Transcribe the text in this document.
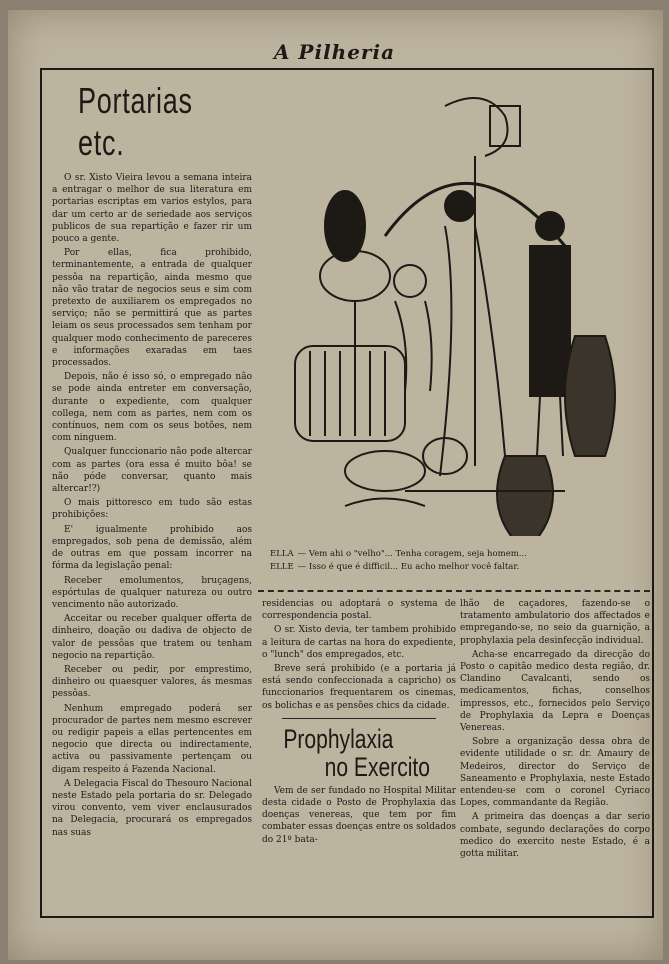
A Pilheria
Portarias etc.

O sr. Xisto Vieira levou a semana inteira a entragar o melhor de sua literatura em portarias escriptas em varios estylos, para dar um certo ar de seriedade aos serviços publicos de sua repartição e fazer rir um pouco a gente.

Por ellas, fica prohibido, terminantemente, a entrada de qualquer pessôa na repartição, ainda mesmo que não vão tratar de negocios seus e sim com pretexto de auxiliarem os empregados no serviço; não se permittirá que as partes leiam os seus processados sem tenham por qualquer modo conhecimento de pareceres e informações exaradas em taes processados.

Depois, não é isso só, o empregado não se pode ainda entreter em conversação, durante o expediente, com qualquer collega, nem com as partes, nem com os contínuos, nem com os seus botões, nem com ninguem.

Qualquer funccionario não pode altercar com as partes (ora essa é muito bôa! se não póde conversar, quanto mais altercar!?)

O mais pittoresco em tudo são estas prohibições:

E' igualmente prohibido aos empregados, sob pena de demissão, além de outras em que possam incorrer na fórma da legislação penal:

Receber emolumentos, bruçagens, espórtulas de qualquer natureza ou outro vencimento não autorizado.

Acceitar ou receber qualquer offerta de dinheiro, doação ou dadiva de objecto de valor de pessôas que tratem ou tenham negocio na repartição.

Receber ou pedir, por emprestimo, dinheiro ou quaesquer valores, ás mesmas pessôas.

Nenhum empregado poderá ser procurador de partes nem mesmo escrever ou redigir papeis a ellas pertencentes em negocio que directa ou indirectamente, activa ou passivamente pertençam ou digam respeito á Fazenda Nacional.

A Delegacia Fiscal do Thesouro Nacional neste Estado pela portaria do sr. Delegado virou convento, vem viver enclausurados na Delegacia, procurará os empregados nas suas

ELLA — Vem ahi o "velho"... Tenha coragem, seja homem...
ELLE — Isso é que é difficil... Eu acho melhor você faltar.

residencias ou adoptará o systema de correspondencia postal.

O sr. Xisto devia, ter tambem prohibido a leitura de cartas na hora do expediente, o "lunch" dos empregados, etc.

Breve será prohibido (e a portaria já está sendo confeccionada a capricho) os funccionarios frequentarem os cinemas, os bolichas e as pensões chics da cidade.

Prophylaxia
no Exercito

Vem de ser fundado no Hospital Militar desta cidade o Posto de Prophylaxia das doenças venereas, que tem por fim combater essas doenças entre os soldados do 21º bata-

lhão de caçadores, fazendo-se o tratamento ambulatorio dos affectados e empregando-se, no seio da guarnição, a prophylaxia pela desinfecção individual.

Acha-se encarregado da direcção do Posto o capitão medico desta região, dr. Clandino Cavalcanti, sendo os medicamentos, fichas, conselhos impressos, etc., fornecidos pelo Serviço de Prophylaxia da Lepra e Doenças Venereas.

Sobre a organização dessa obra de evidente utilidade o sr. dr. Amaury de Medeiros, director do Serviço de Saneamento e Prophylaxia, neste Estado entendeu-se com o coronel Cyriaco Lopes, commandante da Região.

A primeira das doenças a dar serio combate, segundo declarações do corpo medico do exercito neste Estado, é a gotta militar.
